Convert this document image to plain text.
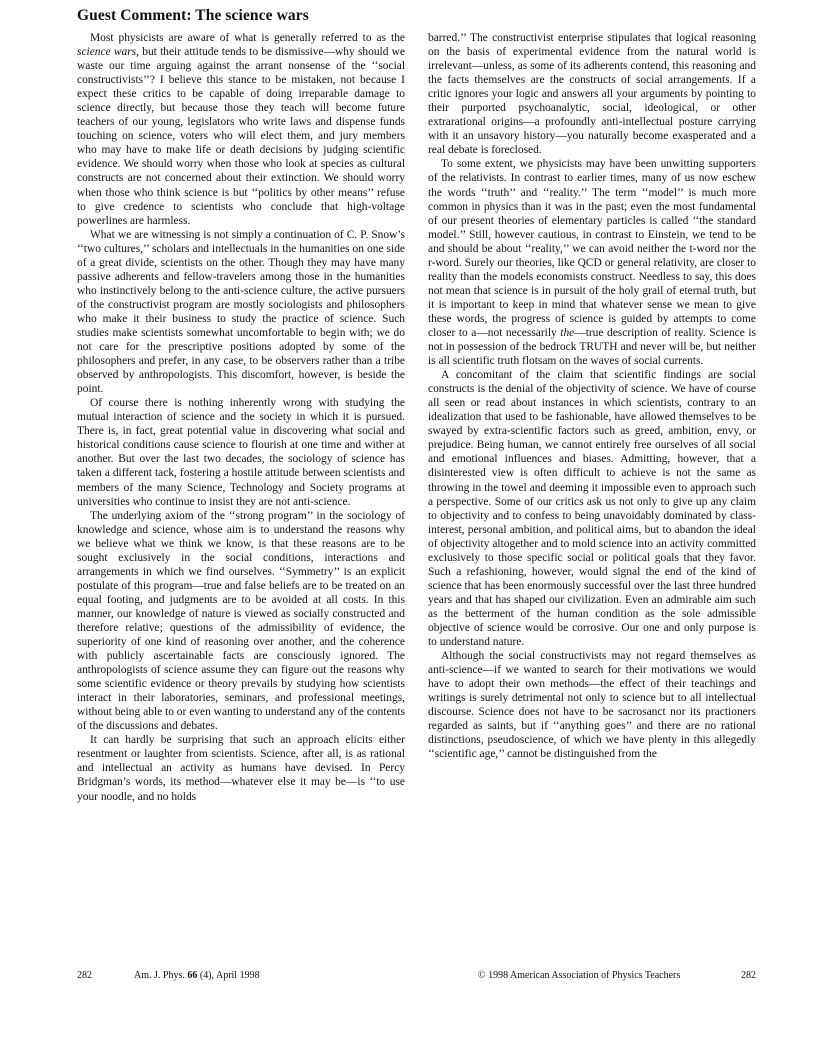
Guest Comment: The science wars

Most physicists are aware of what is generally referred to as the science wars, but their attitude tends to be dismissive—why should we waste our time arguing against the arrant nonsense of the ‘‘social constructivists’’? I believe this stance to be mistaken, not because I expect these critics to be capable of doing irreparable damage to science directly, but because those they teach will become future teachers of our young, legislators who write laws and dispense funds touching on science, voters who will elect them, and jury members who may have to make life or death decisions by judging scientific evidence. We should worry when those who look at species as cultural constructs are not concerned about their extinction. We should worry when those who think science is but ‘‘politics by other means’’ refuse to give credence to scientists who conclude that high-voltage powerlines are harmless.

What we are witnessing is not simply a continuation of C. P. Snow’s ‘‘two cultures,’’ scholars and intellectuals in the humanities on one side of a great divide, scientists on the other. Though they may have many passive adherents and fellow-travelers among those in the humanities who instinctively belong to the anti-science culture, the active pursuers of the constructivist program are mostly sociologists and philosophers who make it their business to study the practice of science. Such studies make scientists somewhat uncomfortable to begin with; we do not care for the prescriptive positions adopted by some of the philosophers and prefer, in any case, to be observers rather than a tribe observed by anthropologists. This discomfort, however, is beside the point.

Of course there is nothing inherently wrong with studying the mutual interaction of science and the society in which it is pursued. There is, in fact, great potential value in discovering what social and historical conditions cause science to flourish at one time and wither at another. But over the last two decades, the sociology of science has taken a different tack, fostering a hostile attitude between scientists and members of the many Science, Technology and Society programs at universities who continue to insist they are not anti-science.

The underlying axiom of the ‘‘strong program’’ in the sociology of knowledge and science, whose aim is to understand the reasons why we believe what we think we know, is that these reasons are to be sought exclusively in the social conditions, interactions and arrangements in which we find ourselves. ‘‘Symmetry’’ is an explicit postulate of this program—true and false beliefs are to be treated on an equal footing, and judgments are to be avoided at all costs. In this manner, our knowledge of nature is viewed as socially constructed and therefore relative; questions of the admissibility of evidence, the superiority of one kind of reasoning over another, and the coherence with publicly ascertainable facts are consciously ignored. The anthropologists of science assume they can figure out the reasons why some scientific evidence or theory prevails by studying how scientists interact in their laboratories, seminars, and professional meetings, without being able to or even wanting to understand any of the contents of the discussions and debates.

It can hardly be surprising that such an approach elicits either resentment or laughter from scientists. Science, after all, is as rational and intellectual an activity as humans have devised. In Percy Bridgman’s words, its method—whatever else it may be—is ‘‘to use your noodle, and no holds

barred.’’ The constructivist enterprise stipulates that logical reasoning on the basis of experimental evidence from the natural world is irrelevant—unless, as some of its adherents contend, this reasoning and the facts themselves are the constructs of social arrangements. If a critic ignores your logic and answers all your arguments by pointing to their purported psychoanalytic, social, ideological, or other extrarational origins—a profoundly anti-intellectual posture carrying with it an unsavory history—you naturally become exasperated and a real debate is foreclosed.

To some extent, we physicists may have been unwitting supporters of the relativists. In contrast to earlier times, many of us now eschew the words ‘‘truth’’ and ‘‘reality.’’ The term ‘‘model’’ is much more common in physics than it was in the past; even the most fundamental of our present theories of elementary particles is called ‘‘the standard model.’’ Still, however cautious, in contrast to Einstein, we tend to be and should be about ‘‘reality,’’ we can avoid neither the t-word nor the r-word. Surely our theories, like QCD or general relativity, are closer to reality than the models economists construct. Needless to say, this does not mean that science is in pursuit of the holy grail of eternal truth, but it is important to keep in mind that whatever sense we mean to give these words, the progress of science is guided by attempts to come closer to a—not necessarily the—true description of reality. Science is not in possession of the bedrock TRUTH and never will be, but neither is all scientific truth flotsam on the waves of social currents.

A concomitant of the claim that scientific findings are social constructs is the denial of the objectivity of science. We have of course all seen or read about instances in which scientists, contrary to an idealization that used to be fashionable, have allowed themselves to be swayed by extra-scientific factors such as greed, ambition, envy, or prejudice. Being human, we cannot entirely free ourselves of all social and emotional influences and biases. Admitting, however, that a disinterested view is often difficult to achieve is not the same as throwing in the towel and deeming it impossible even to approach such a perspective. Some of our critics ask us not only to give up any claim to objectivity and to confess to being unavoidably dominated by class-interest, personal ambition, and political aims, but to abandon the ideal of objectivity altogether and to mold science into an activity committed exclusively to those specific social or political goals that they favor. Such a refashioning, however, would signal the end of the kind of science that has been enormously successful over the last three hundred years and that has shaped our civilization. Even an admirable aim such as the betterment of the human condition as the sole admissible objective of science would be corrosive. Our one and only purpose is to understand nature.

Although the social constructivists may not regard themselves as anti-science—if we wanted to search for their motivations we would have to adopt their own methods—the effect of their teachings and writings is surely detrimental not only to science but to all intellectual discourse. Science does not have to be sacrosanct nor its practioners regarded as saints, but if ‘‘anything goes’’ and there are no rational distinctions, pseudoscience, of which we have plenty in this allegedly ‘‘scientific age,’’ cannot be distinguished from the

282	Am. J. Phys. 66 (4), April 1998	© 1998 American Association of Physics Teachers	282
